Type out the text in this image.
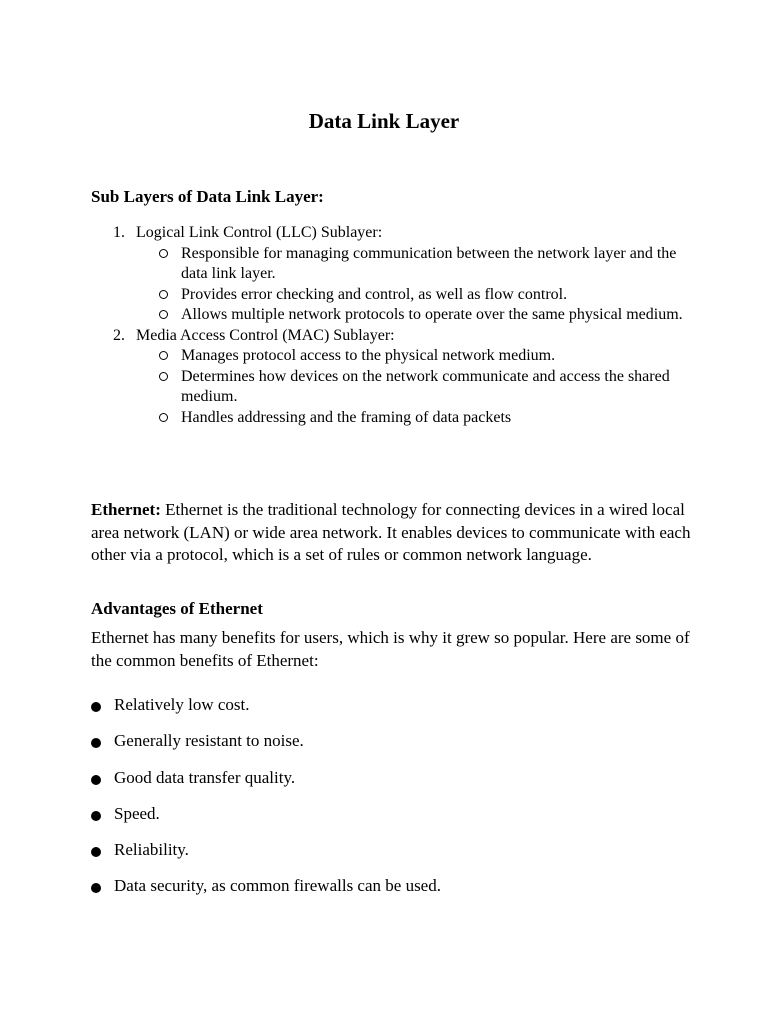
Data Link Layer
Sub Layers of Data Link Layer:
1. Logical Link Control (LLC) Sublayer:
Responsible for managing communication between the network layer and the data link layer.
Provides error checking and control, as well as flow control.
Allows multiple network protocols to operate over the same physical medium.
2. Media Access Control (MAC) Sublayer:
Manages protocol access to the physical network medium.
Determines how devices on the network communicate and access the shared medium.
Handles addressing and the framing of data packets
Ethernet: Ethernet is the traditional technology for connecting devices in a wired local area network (LAN) or wide area network. It enables devices to communicate with each other via a protocol, which is a set of rules or common network language.
Advantages of Ethernet
Ethernet has many benefits for users, which is why it grew so popular. Here are some of the common benefits of Ethernet:
Relatively low cost.
Generally resistant to noise.
Good data transfer quality.
Speed.
Reliability.
Data security, as common firewalls can be used.
